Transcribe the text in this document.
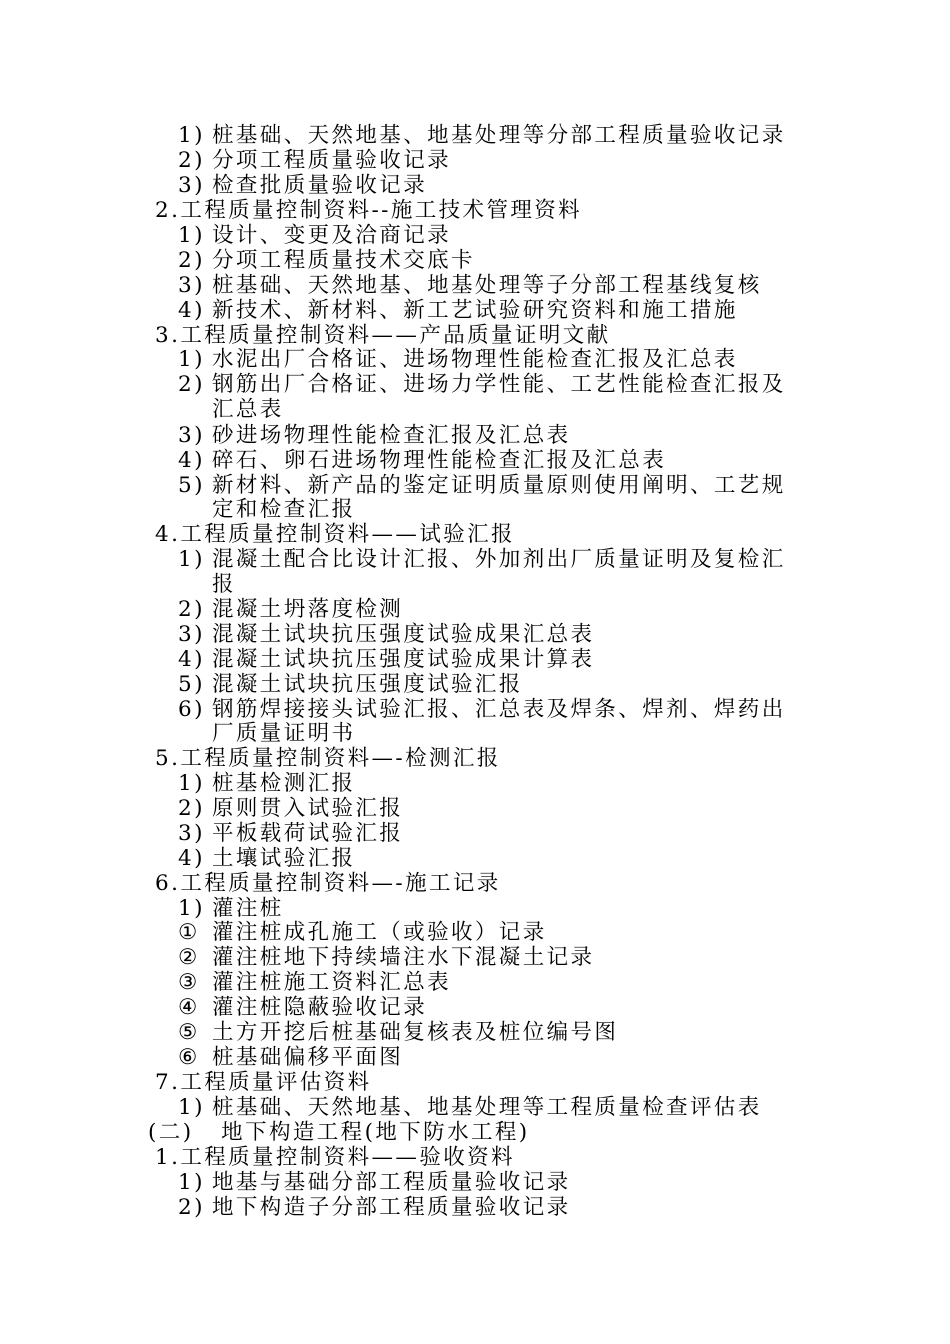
1) 桩基础、天然地基、地基处理等分部工程质量验收记录
2) 分项工程质量验收记录
3) 检查批质量验收记录
2.工程质量控制资料--施工技术管理资料
1) 设计、变更及洽商记录
2) 分项工程质量技术交底卡
3) 桩基础、天然地基、地基处理等子分部工程基线复核
4) 新技术、新材料、新工艺试验研究资料和施工措施
3.工程质量控制资料——产品质量证明文献
1) 水泥出厂合格证、进场物理性能检查汇报及汇总表
2) 钢筋出厂合格证、进场力学性能、工艺性能检查汇报及
汇总表
3) 砂进场物理性能检查汇报及汇总表
4) 碎石、卵石进场物理性能检查汇报及汇总表
5) 新材料、新产品的鉴定证明质量原则使用阐明、工艺规
定和检查汇报
4.工程质量控制资料——试验汇报
1) 混凝土配合比设计汇报、外加剂出厂质量证明及复检汇
报
2) 混凝土坍落度检测
3) 混凝土试块抗压强度试验成果汇总表
4) 混凝土试块抗压强度试验成果计算表
5) 混凝土试块抗压强度试验汇报
6) 钢筋焊接接头试验汇报、汇总表及焊条、焊剂、焊药出
厂质量证明书
5.工程质量控制资料—-检测汇报
1) 桩基检测汇报
2) 原则贯入试验汇报
3) 平板载荷试验汇报
4) 土壤试验汇报
6.工程质量控制资料—-施工记录
1) 灌注桩
① 灌注桩成孔施工（或验收）记录
② 灌注桩地下持续墙注水下混凝土记录
③ 灌注桩施工资料汇总表
④ 灌注桩隐蔽验收记录
⑤ 土方开挖后桩基础复核表及桩位编号图
⑥ 桩基础偏移平面图
7.工程质量评估资料
1) 桩基础、天然地基、地基处理等工程质量检查评估表
(二)   地下构造工程(地下防水工程)
1.工程质量控制资料——验收资料
1) 地基与基础分部工程质量验收记录
2) 地下构造子分部工程质量验收记录
